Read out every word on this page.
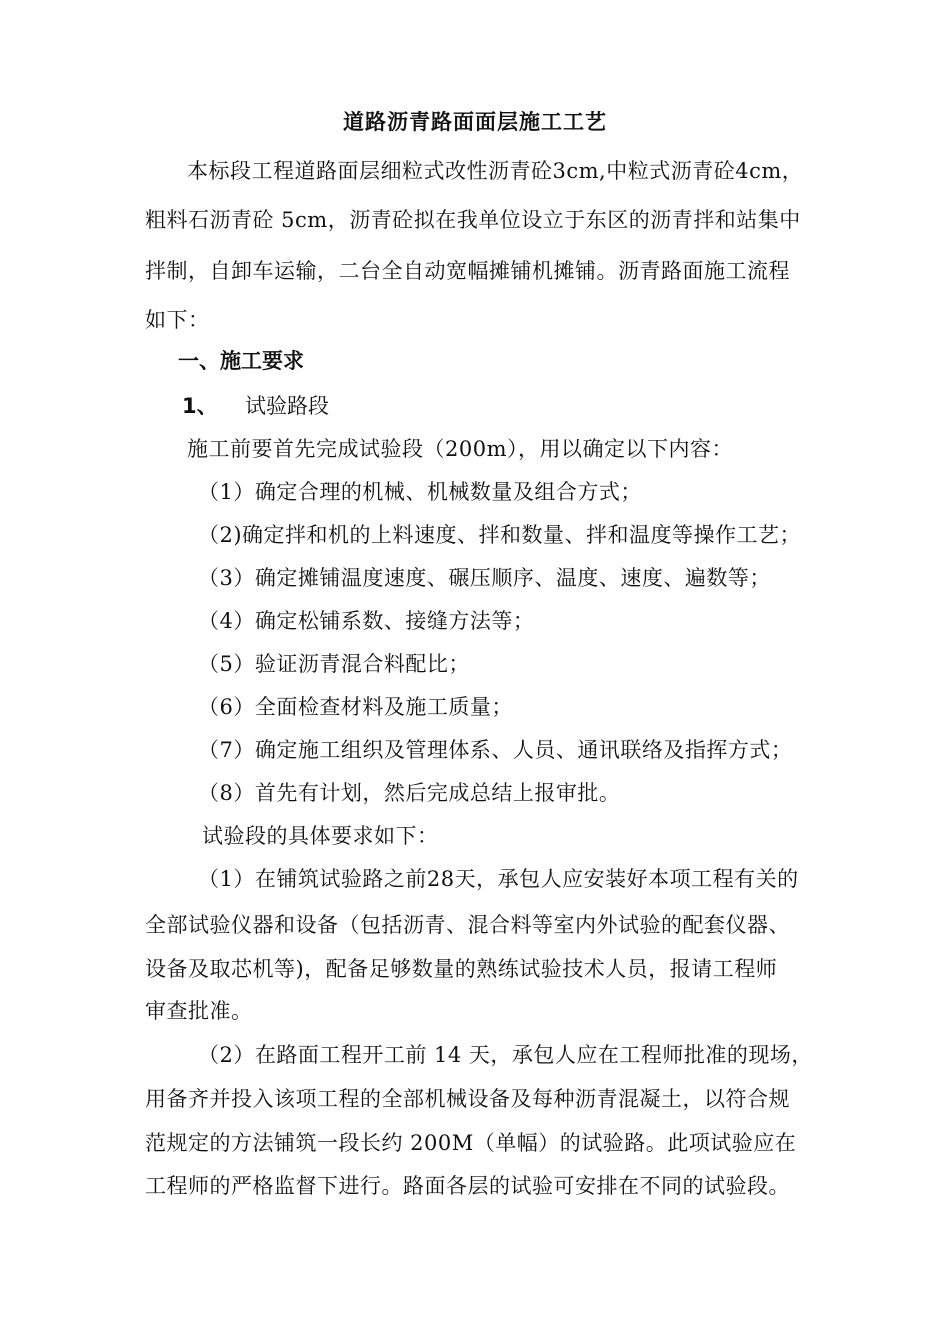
道路沥青路面面层施工工艺
本标段工程道路面层细粒式改性沥青砼3cm,中粒式沥青砼4cm，
粗料石沥青砼 5cm，沥青砼拟在我单位设立于东区的沥青拌和站集中
拌制，自卸车运输，二台全自动宽幅摊铺机摊铺。沥青路面施工流程
如下：
一、施工要求
1、 试验路段
施工前要首先完成试验段（200m），用以确定以下内容：
（1）确定合理的机械、机械数量及组合方式；
（2)确定拌和机的上料速度、拌和数量、拌和温度等操作工艺；
（3）确定摊铺温度速度、碾压顺序、温度、速度、遍数等；
（4）确定松铺系数、接缝方法等；
（5）验证沥青混合料配比；
（6）全面检查材料及施工质量；
（7）确定施工组织及管理体系、人员、通讯联络及指挥方式；
（8）首先有计划，然后完成总结上报审批。
试验段的具体要求如下：
（1）在铺筑试验路之前28天，承包人应安装好本项工程有关的
全部试验仪器和设备（包括沥青、混合料等室内外试验的配套仪器、
设备及取芯机等)，配备足够数量的熟练试验技术人员，报请工程师
审查批准。
（2）在路面工程开工前 14 天，承包人应在工程师批准的现场，
用备齐并投入该项工程的全部机械设备及每种沥青混凝土，以符合规
范规定的方法铺筑一段长约 200M（单幅）的试验路。此项试验应在
工程师的严格监督下进行。路面各层的试验可安排在不同的试验段。
